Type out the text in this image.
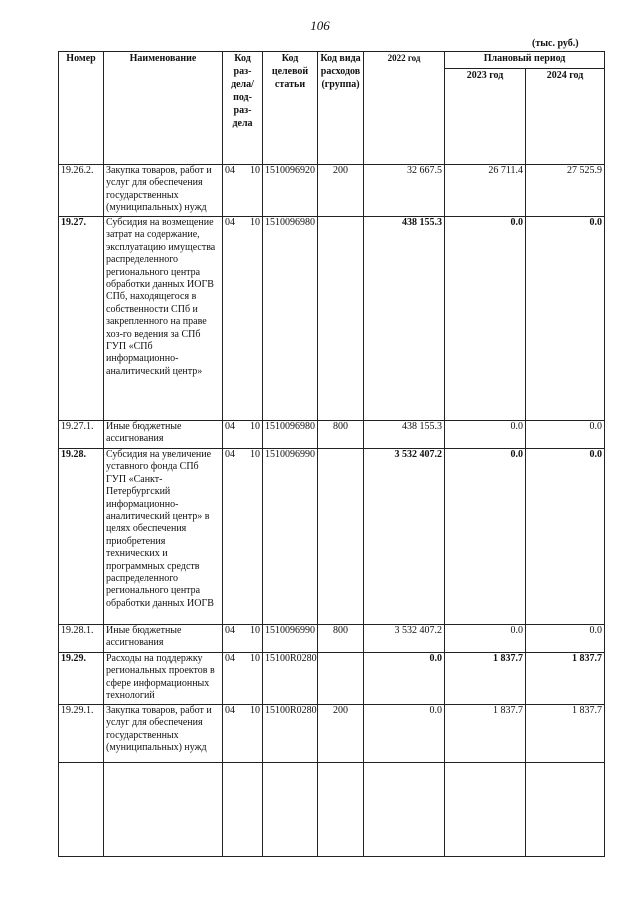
106
(тыс. руб.)
Номер	Наименование	Код раз-дела/ под-раз-дела		Код целевой статьи	Код вида расходов (группа)	2022 год	Плановый период	
							2023 год	2024 год
19.26.2.	Закупка товаров, работ и услуг для обеспечения государственных (муниципальных) нужд	04	10	1510096920	200	32 667.5	26 711.4	27 525.9
19.27.	Субсидия на возмещение затрат на содержание, эксплуатацию имущества распределенного регионального центра обработки данных ИОГВ СПб, находящегося в собственности СПб и закрепленного на праве хоз-го ведения за СПб ГУП «СПб информационно-аналитический центр»	04	10	1510096980		438 155.3	0.0	0.0
19.27.1.	Иные бюджетные ассигнования	04	10	1510096980	800	438 155.3	0.0	0.0
19.28.	Субсидия на увеличение уставного фонда СПб ГУП «Санкт-Петербургский информационно-аналитический центр» в целях обеспечения приобретения технических и программных средств распределенного регионального центра обработки данных ИОГВ	04	10	1510096990		3 532 407.2	0.0	0.0
19.28.1.	Иные бюджетные ассигнования	04	10	1510096990	800	3 532 407.2	0.0	0.0
19.29.	Расходы на поддержку региональных проектов в сфере информационных технологий	04	10	15100R0280		0.0	1 837.7	1 837.7
19.29.1.	Закупка товаров, работ и услуг для обеспечения государственных (муниципальных) нужд	04	10	15100R0280	200	0.0	1 837.7	1 837.7
